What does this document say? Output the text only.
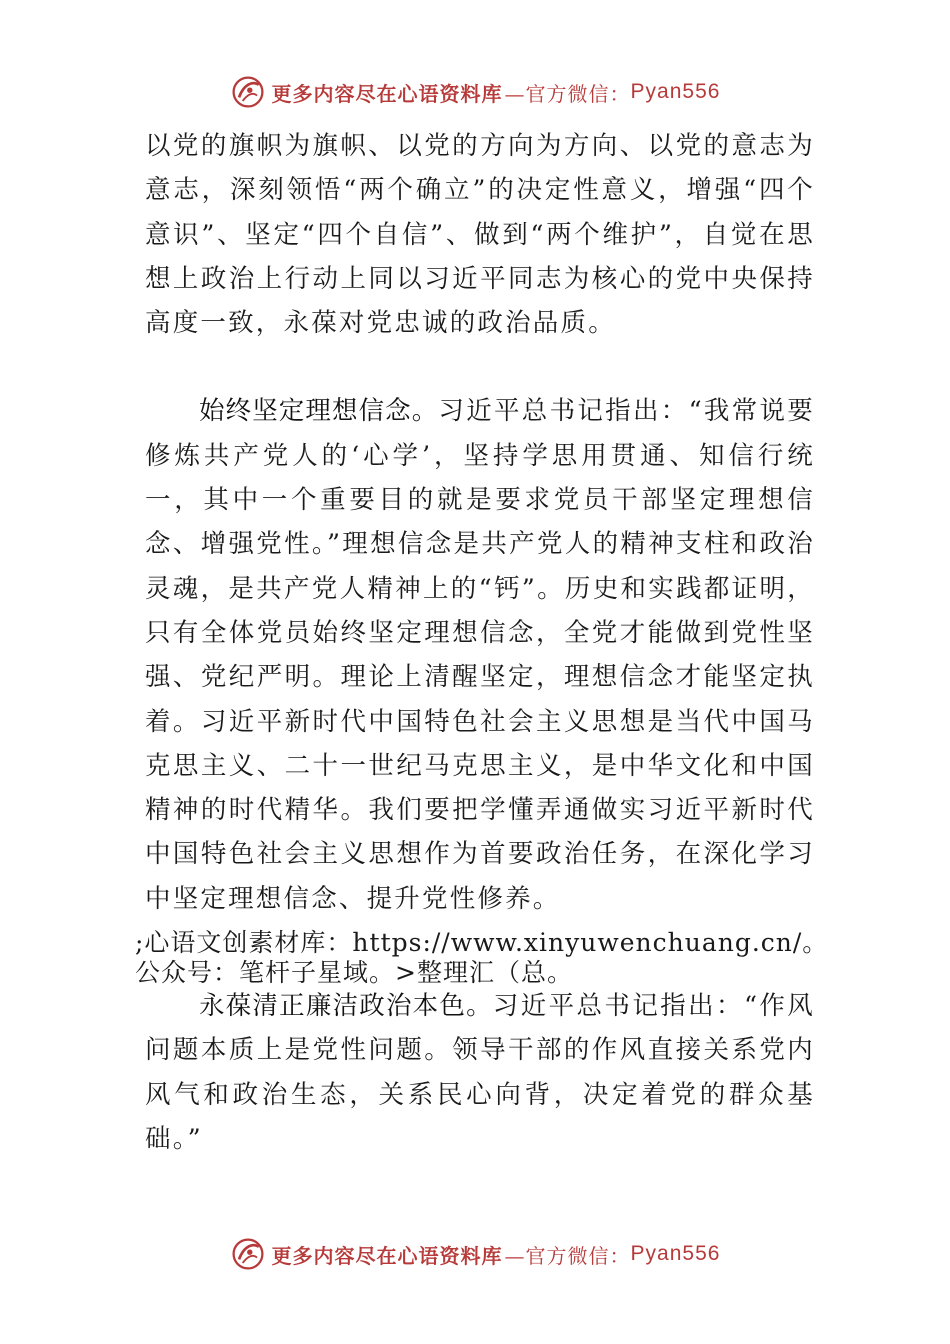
更多内容尽在心语资料库 —官方微信： Pyan556

以党的旗帜为旗帜、以党的方向为方向、以党的意志为意志，深刻领悟“两个确立”的决定性意义，增强“四个意识”、坚定“四个自信”、做到“两个维护”，自觉在思想上政治上行动上同以习近平同志为核心的党中央保持高度一致，永葆对党忠诚的政治品质。

始终坚定理想信念。习近平总书记指出：“我常说要修炼共产党人的‘心学’，坚持学思用贯通、知信行统一，其中一个重要目的就是要求党员干部坚定理想信念、增强党性。”理想信念是共产党人的精神支柱和政治灵魂，是共产党人精神上的“钙”。历史和实践都证明，只有全体党员始终坚定理想信念，全党才能做到党性坚强、党纪严明。理论上清醒坚定，理想信念才能坚定执着。习近平新时代中国特色社会主义思想是当代中国马克思主义、二十一世纪马克思主义，是中华文化和中国精神的时代精华。我们要把学懂弄通做实习近平新时代中国特色社会主义思想作为首要政治任务，在深化学习中坚定理想信念、提升党性修养。

;心语文创素材库：https://www.xinyuwenchuang.cn/。公众号：笔杆子星域。>整理汇（总。

永葆清正廉洁政治本色。习近平总书记指出：“作风问题本质上是党性问题。领导干部的作风直接关系党内风气和政治生态，关系民心向背，决定着党的群众基础。”

更多内容尽在心语资料库 —官方微信： Pyan556
